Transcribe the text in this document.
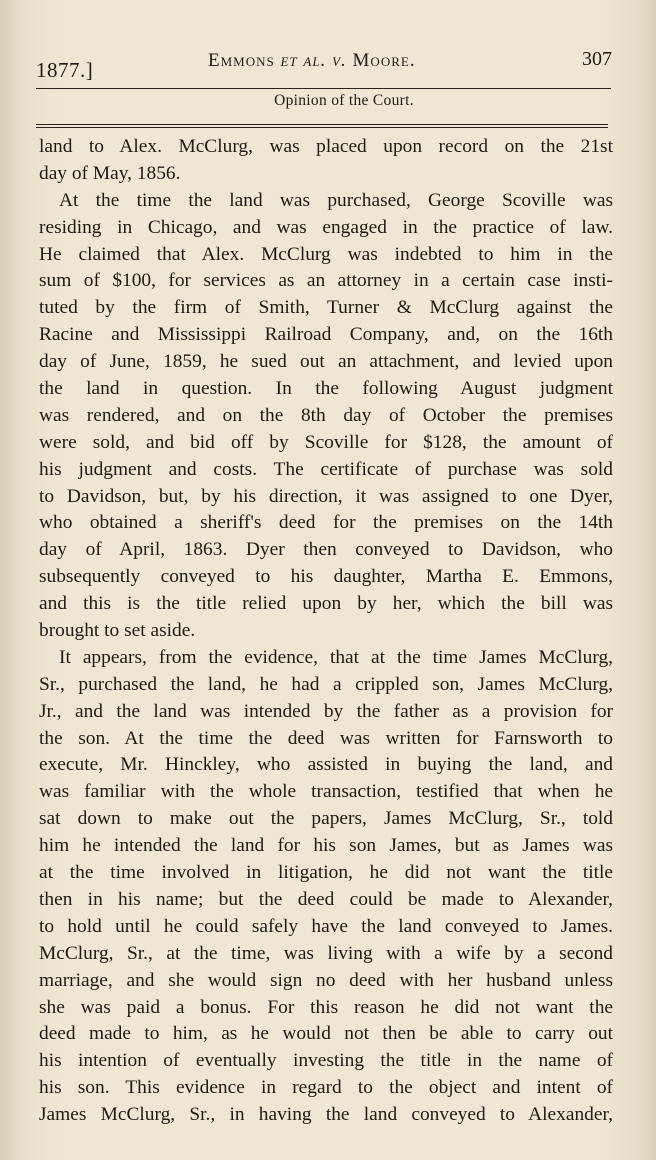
1877.]	Emmons et al. v. Moore.	307
Opinion of the Court.
land to Alex. McClurg, was placed upon record on the 21st
day of May, 1856.
At the time the land was purchased, George Scoville was
residing in Chicago, and was engaged in the practice of law.
He claimed that Alex. McClurg was indebted to him in the
sum of $100, for services as an attorney in a certain case insti-
tuted by the firm of Smith, Turner & McClurg against the
Racine and Mississippi Railroad Company, and, on the 16th
day of June, 1859, he sued out an attachment, and levied upon
the land in question. In the following August judgment
was rendered, and on the 8th day of October the premises
were sold, and bid off by Scoville for $128, the amount of
his judgment and costs. The certificate of purchase was sold
to Davidson, but, by his direction, it was assigned to one Dyer,
who obtained a sheriff's deed for the premises on the 14th
day of April, 1863. Dyer then conveyed to Davidson, who
subsequently conveyed to his daughter, Martha E. Emmons,
and this is the title relied upon by her, which the bill was
brought to set aside.
It appears, from the evidence, that at the time James McClurg,
Sr., purchased the land, he had a crippled son, James McClurg,
Jr., and the land was intended by the father as a provision for
the son. At the time the deed was written for Farnsworth to
execute, Mr. Hinckley, who assisted in buying the land, and
was familiar with the whole transaction, testified that when he
sat down to make out the papers, James McClurg, Sr., told
him he intended the land for his son James, but as James was
at the time involved in litigation, he did not want the title
then in his name; but the deed could be made to Alexander,
to hold until he could safely have the land conveyed to James.
McClurg, Sr., at the time, was living with a wife by a second
marriage, and she would sign no deed with her husband unless
she was paid a bonus. For this reason he did not want the
deed made to him, as he would not then be able to carry out
his intention of eventually investing the title in the name of
his son. This evidence in regard to the object and intent of
James McClurg, Sr., in having the land conveyed to Alexander,
